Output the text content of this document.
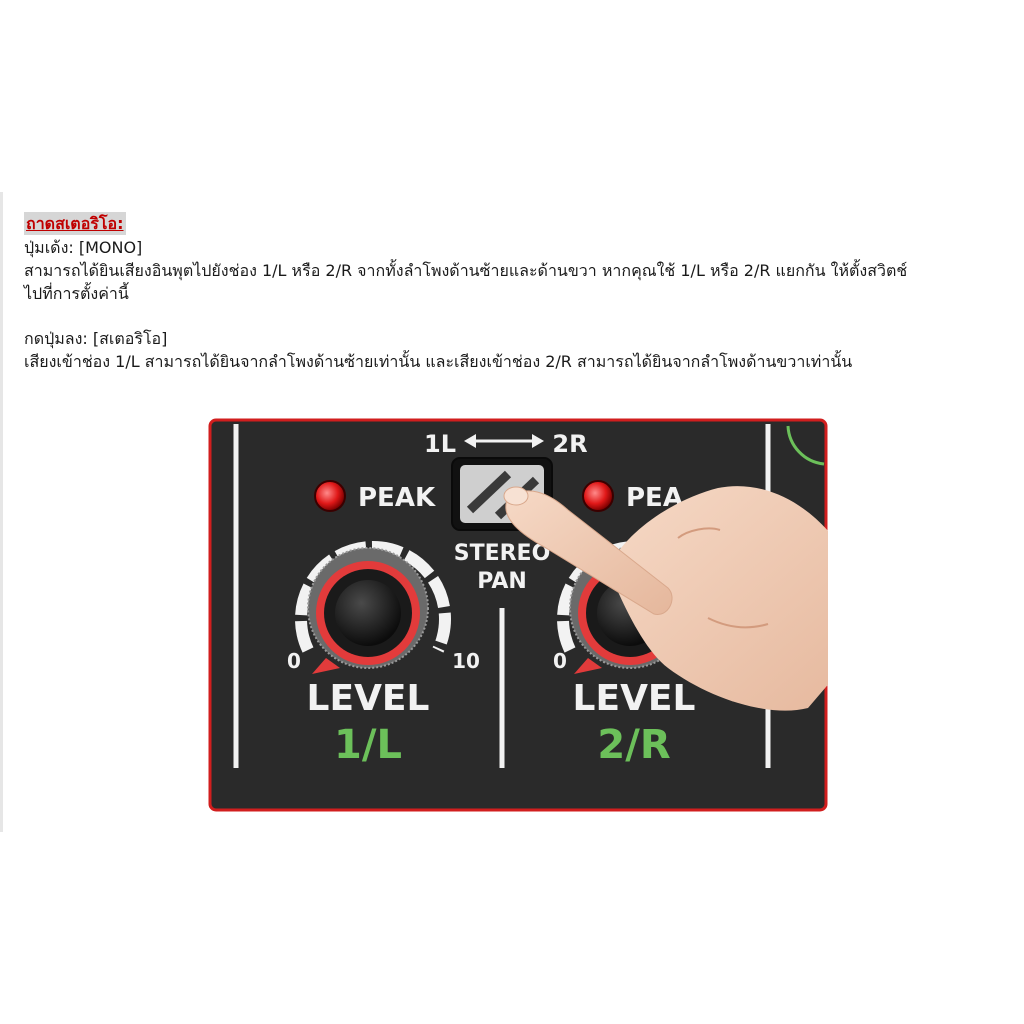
ถาดสเตอริโอ:

ปุ่มเด้ง: [MONO]

สามารถได้ยินเสียงอินพุตไปยังช่อง 1/L หรือ 2/R จากทั้งลำโพงด้านซ้ายและด้านขวา หากคุณใช้ 1/L หรือ 2/R แยกกัน ให้ตั้งสวิตช์

ไปที่การตั้งค่านี้

กดปุ่มลง: [สเตอริโอ]

เสียงเข้าช่อง 1/L สามารถได้ยินจากลำโพงด้านซ้ายเท่านั้น และเสียงเข้าช่อง 2/R สามารถได้ยินจากลำโพงด้านขวาเท่านั้น

1L	2R
STEREO
PAN
PEAK
0	10
LEVEL
1/L
PEA
0
LEVEL
2/R
